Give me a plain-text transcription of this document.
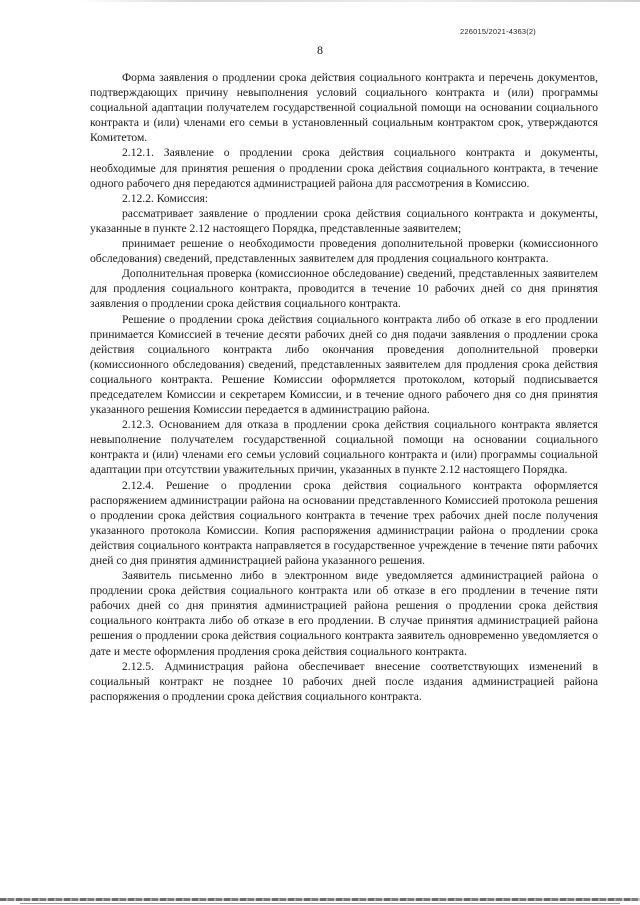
226015/2021-4363(2)
8

Форма заявления о продлении срока действия социального контракта и перечень документов, подтверждающих причину невыполнения условий социального контракта и (или) программы социальной адаптации получателем государственной социальной помощи на основании социального контракта и (или) членами его семьи в установленный социальным контрактом срок, утверждаются Комитетом.

2.12.1. Заявление о продлении срока действия социального контракта и документы, необходимые для принятия решения о продлении срока действия социального контракта, в течение одного рабочего дня передаются администрацией района для рассмотрения в Комиссию.

2.12.2. Комиссия:

рассматривает заявление о продлении срока действия социального контракта и документы, указанные в пункте 2.12 настоящего Порядка, представленные заявителем;

принимает решение о необходимости проведения дополнительной проверки (комиссионного обследования) сведений, представленных заявителем для продления социального контракта.

Дополнительная проверка (комиссионное обследование) сведений, представленных заявителем для продления социального контракта, проводится в течение 10 рабочих дней со дня принятия заявления о продлении срока действия социального контракта.

Решение о продлении срока действия социального контракта либо об отказе в его продлении принимается Комиссией в течение десяти рабочих дней со дня подачи заявления о продлении срока действия социального контракта либо окончания проведения дополнительной проверки (комиссионного обследования) сведений, представленных заявителем для продления срока действия социального контракта. Решение Комиссии оформляется протоколом, который подписывается председателем Комиссии и секретарем Комиссии, и в течение одного рабочего дня со дня принятия указанного решения Комиссии передается в администрацию района.

2.12.3. Основанием для отказа в продлении срока действия социального контракта является невыполнение получателем государственной социальной помощи на основании социального контракта и (или) членами его семьи условий социального контракта и (или) программы социальной адаптации при отсутствии уважительных причин, указанных в пункте 2.12 настоящего Порядка.

2.12.4. Решение о продлении срока действия социального контракта оформляется распоряжением администрации района на основании представленного Комиссией протокола решения о продлении срока действия социального контракта в течение трех рабочих дней после получения указанного протокола Комиссии. Копия распоряжения администрации района о продлении срока действия социального контракта направляется в государственное учреждение в течение пяти рабочих дней со дня принятия администрацией района указанного решения.

Заявитель письменно либо в электронном виде уведомляется администрацией района о продлении срока действия социального контракта или об отказе в его продлении в течение пяти рабочих дней со дня принятия администрацией района решения о продлении срока действия социального контракта либо об отказе в его продлении. В случае принятия администрацией района решения о продлении срока действия социального контракта заявитель одновременно уведомляется о дате и месте оформления продления срока действия социального контракта.

2.12.5. Администрация района обеспечивает внесение соответствующих изменений в социальный контракт не позднее 10 рабочих дней после издания администрацией района распоряжения о продлении срока действия социального контракта.
